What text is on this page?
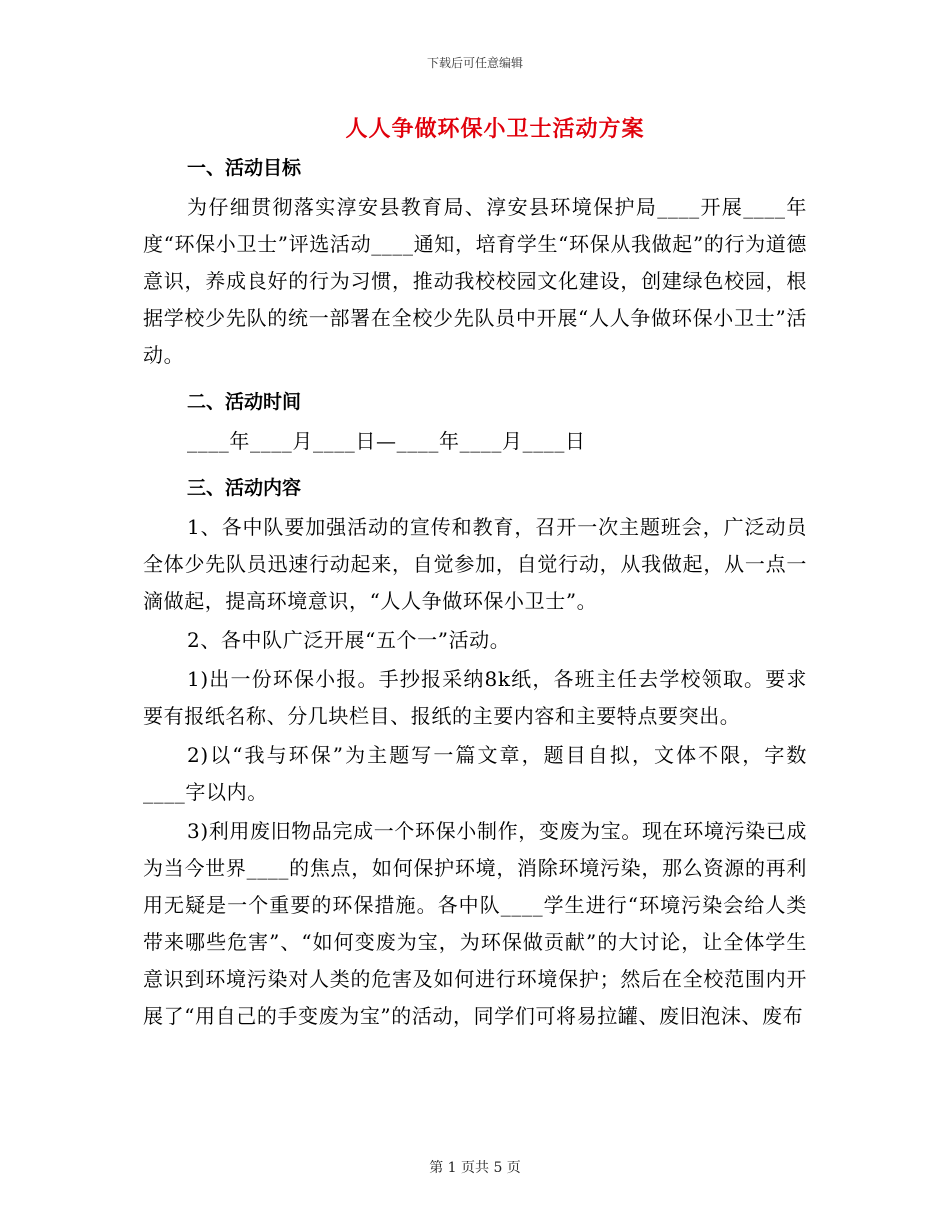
下载后可任意编辑
人人争做环保小卫士活动方案
一、活动目标

为仔细贯彻落实淳安县教育局、淳安县环境保护局____开展____年度“环保小卫士”评选活动____通知，培育学生“环保从我做起”的行为道德意识，养成良好的行为习惯，推动我校校园文化建设，创建绿色校园，根据学校少先队的统一部署在全校少先队员中开展“人人争做环保小卫士”活动。

二、活动时间

____年____月____日—____年____月____日

三、活动内容

1、各中队要加强活动的宣传和教育，召开一次主题班会，广泛动员全体少先队员迅速行动起来，自觉参加，自觉行动，从我做起，从一点一滴做起，提高环境意识，“人人争做环保小卫士”。

2、各中队广泛开展“五个一”活动。

1)出一份环保小报。手抄报采纳8k纸，各班主任去学校领取。要求要有报纸名称、分几块栏目、报纸的主要内容和主要特点要突出。

2)以“我与环保”为主题写一篇文章，题目自拟，文体不限，字数____字以内。

3)利用废旧物品完成一个环保小制作，变废为宝。现在环境污染已成为当今世界____的焦点，如何保护环境，消除环境污染，那么资源的再利用无疑是一个重要的环保措施。各中队____学生进行“环境污染会给人类带来哪些危害”、“如何变废为宝，为环保做贡献”的大讨论，让全体学生意识到环境污染对人类的危害及如何进行环境保护；然后在全校范围内开展了“用自己的手变废为宝”的活动，同学们可将易拉罐、废旧泡沫、废布

第 1 页共 5 页
